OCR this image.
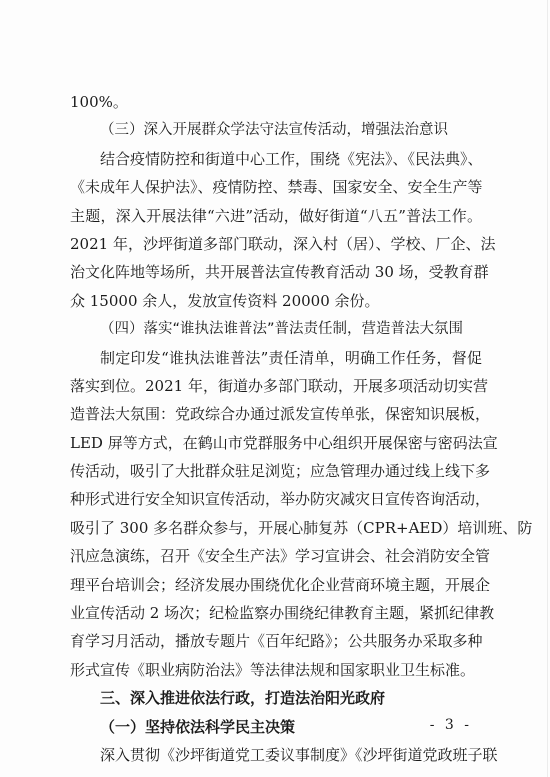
100%。
（三）深入开展群众学法守法宣传活动，增强法治意识
结合疫情防控和街道中心工作，围绕《宪法》、《民法典》、
《未成年人保护法》、疫情防控、禁毒、国家安全、安全生产等
主题，深入开展法律“六进”活动，做好街道“八五”普法工作。
2021 年，沙坪街道多部门联动，深入村（居）、学校、厂企、法
治文化阵地等场所，共开展普法宣传教育活动 30 场，受教育群
众 15000 余人，发放宣传资料 20000 余份。
（四）落实“谁执法谁普法”普法责任制，营造普法大氛围
制定印发“谁执法谁普法”责任清单，明确工作任务，督促
落实到位。2021 年，街道办多部门联动，开展多项活动切实营
造普法大氛围：党政综合办通过派发宣传单张，保密知识展板，
LED 屏等方式，在鹤山市党群服务中心组织开展保密与密码法宣
传活动，吸引了大批群众驻足浏览；应急管理办通过线上线下多
种形式进行安全知识宣传活动，举办防灾减灾日宣传咨询活动，
吸引了 300 多名群众参与，开展心肺复苏（CPR+AED）培训班、防
汛应急演练，召开《安全生产法》学习宣讲会、社会消防安全管
理平台培训会；经济发展办围绕优化企业营商环境主题，开展企
业宣传活动 2 场次；纪检监察办围绕纪律教育主题，紧抓纪律教
育学习月活动，播放专题片《百年纪路》；公共服务办采取多种
形式宣传《职业病防治法》等法律法规和国家职业卫生标准。
三、深入推进依法行政，打造法治阳光政府
（一）坚持依法科学民主决策
深入贯彻《沙坪街道党工委议事制度》《沙坪街道党政班子联
- 3 -
